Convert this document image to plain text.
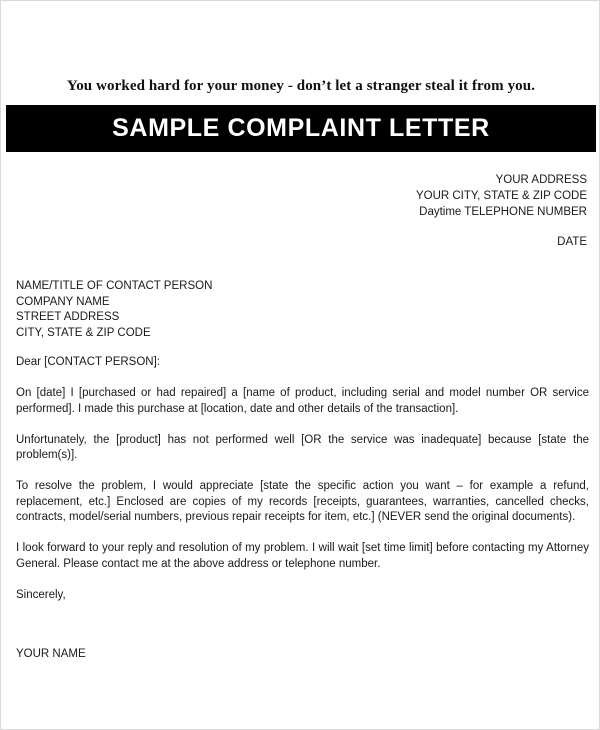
You worked hard for your money - don’t let a stranger steal it from you.
SAMPLE COMPLAINT LETTER
YOUR ADDRESS
YOUR CITY, STATE & ZIP CODE
Daytime TELEPHONE NUMBER
DATE
NAME/TITLE OF CONTACT PERSON
COMPANY NAME
STREET ADDRESS
CITY, STATE & ZIP CODE

Dear [CONTACT PERSON]:

On [date] I [purchased or had repaired] a [name of product, including serial and model number OR service performed]. I made this purchase at [location, date and other details of the transaction].

Unfortunately, the [product] has not performed well [OR the service was inadequate] because [state the problem(s)].

To resolve the problem, I would appreciate [state the specific action you want – for example a refund, replacement, etc.] Enclosed are copies of my records [receipts, guarantees, warranties, cancelled checks, contracts, model/serial numbers, previous repair receipts for item, etc.] (NEVER send the original documents).

I look forward to your reply and resolution of my problem. I will wait [set time limit] before contacting my Attorney General. Please contact me at the above address or telephone number.

Sincerely,

YOUR NAME
